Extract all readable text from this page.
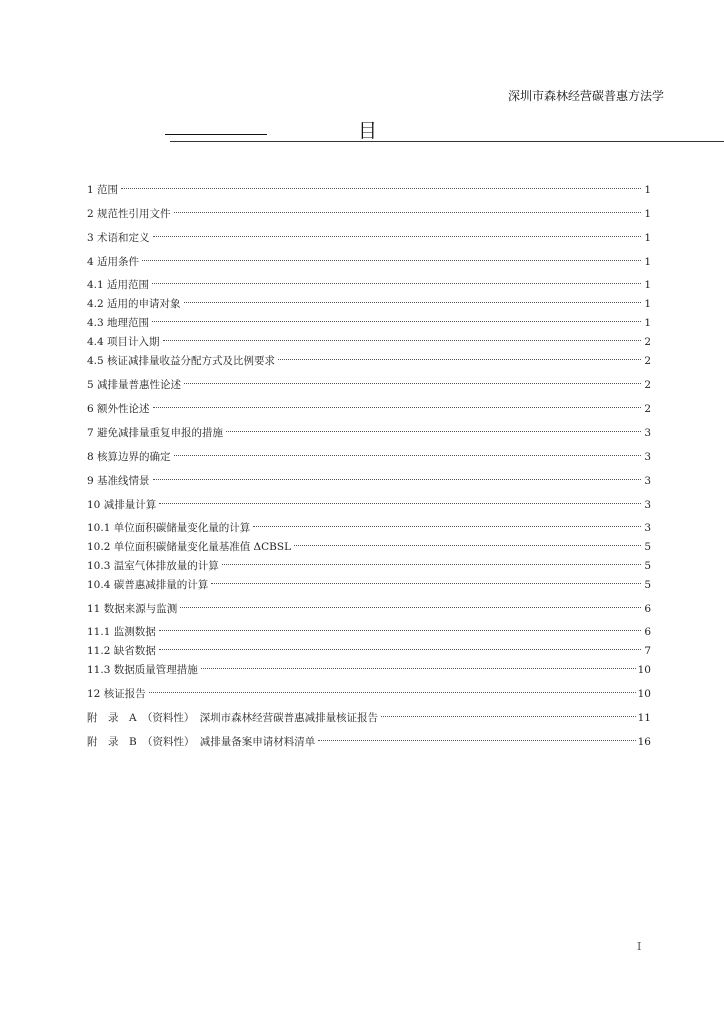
深圳市森林经营碳普惠方法学
目
1 范围	1
2 规范性引用文件	1
3 术语和定义	1
4 适用条件	1
4.1 适用范围	1
4.2 适用的申请对象	1
4.3 地理范围	1
4.4 项目计入期	2
4.5 核证减排量收益分配方式及比例要求	2
5 减排量普惠性论述	2
6 额外性论述	2
7 避免减排量重复申报的措施	3
8 核算边界的确定	3
9 基准线情景	3
10 减排量计算	3
10.1 单位面积碳储量变化量的计算	3
10.2 单位面积碳储量变化量基准值 ΔCBSL	5
10.3 温室气体排放量的计算	5
10.4 碳普惠减排量的计算	5
11 数据来源与监测	6
11.1 监测数据	6
11.2 缺省数据	7
11.3 数据质量管理措施	10
12 核证报告	10
附　录　A　（资料性）　深圳市森林经营碳普惠减排量核证报告	11
附　录　B　（资料性）　减排量备案申请材料清单	16
I
